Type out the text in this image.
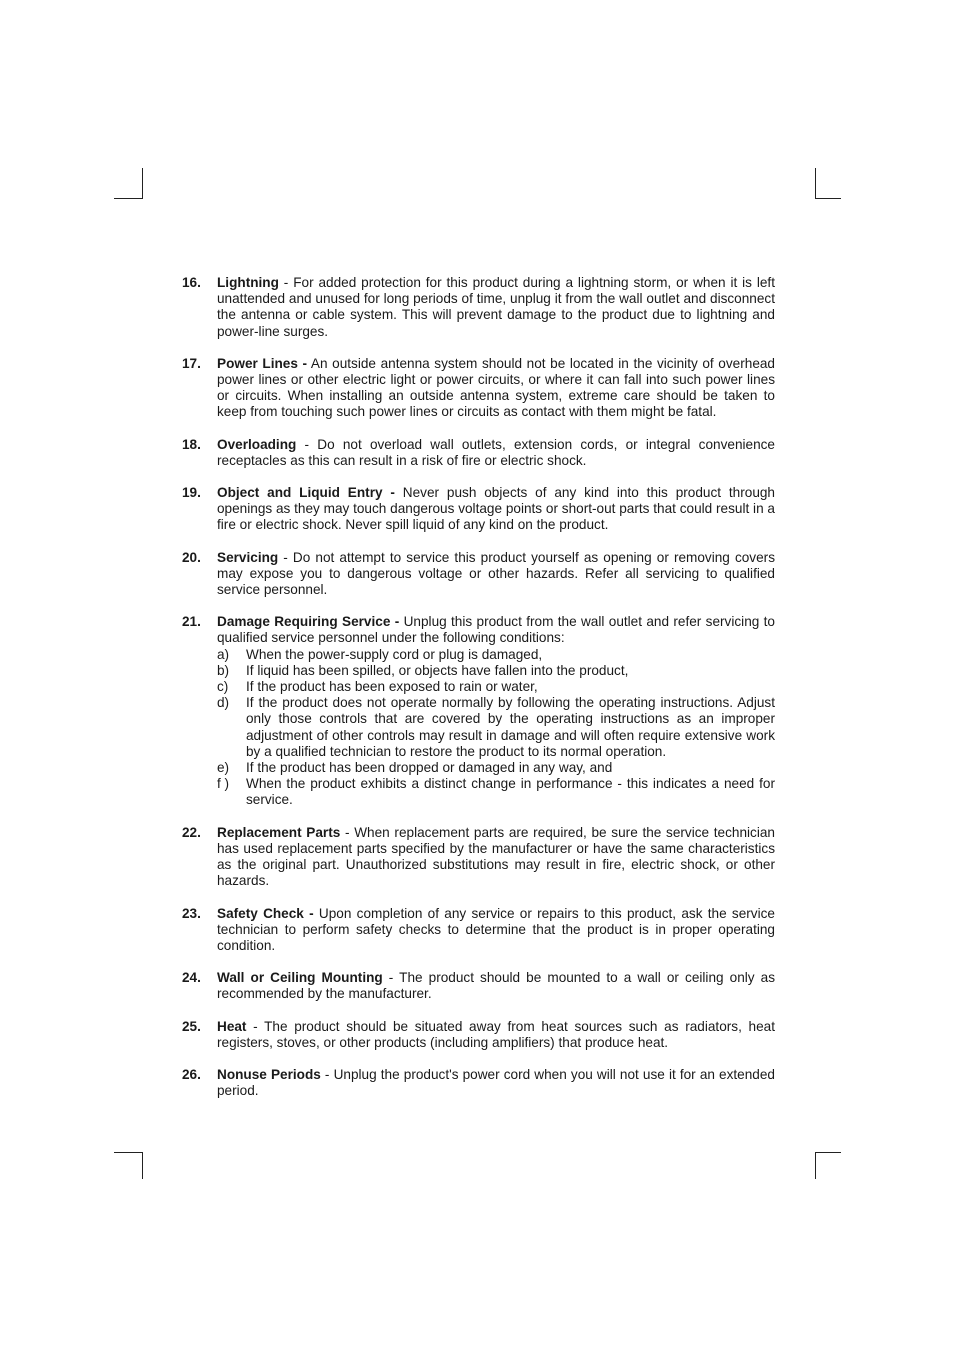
16.	Lightning - For added protection for this product during a lightning storm, or when it is left unattended and unused for long periods of time, unplug it from the wall outlet and disconnect the antenna or cable system. This will prevent damage to the product due to lightning and power-line surges.
17.	Power Lines - An outside antenna system should not be located in the vicinity of overhead power lines or other electric light or power circuits, or where it can fall into such power lines or circuits. When installing an outside antenna system, extreme care should be taken to keep from touching such power lines or circuits as contact with them might be fatal.
18.	Overloading - Do not overload wall outlets, extension cords, or integral convenience receptacles as this can result in a risk of fire or electric shock.
19.	Object and Liquid Entry - Never push objects of any kind into this product through openings as they may touch dangerous voltage points or short-out parts that could result in a fire or electric shock. Never spill liquid of any kind on the product.
20.	Servicing - Do not attempt to service this product yourself as opening or removing covers may expose you to dangerous voltage or other hazards. Refer all servicing to qualified service personnel.
21.	Damage Requiring Service - Unplug this product from the wall outlet and refer servicing to qualified service personnel under the following conditions:
a)	When the power-supply cord or plug is damaged,
b)	If liquid has been spilled, or objects have fallen into the product,
c)	If the product has been exposed to rain or water,
d)	If the product does not operate normally by following the operating instructions. Adjust only those controls that are covered by the operating instructions as an improper adjustment of other controls may result in damage and will often require extensive work by a qualified technician to restore the product to its normal operation.
e)	If the product has been dropped or damaged in any way, and
f )	When the product exhibits a distinct change in performance - this indicates a need for service.
22.	Replacement Parts - When replacement parts are required, be sure the service technician has used replacement parts specified by the manufacturer or have the same characteristics as the original part. Unauthorized substitutions may result in fire, electric shock, or other hazards.
23.	Safety Check - Upon completion of any service or repairs to this product, ask the service technician to perform safety checks to determine that the product is in proper operating condition.
24.	Wall or Ceiling Mounting - The product should be mounted to a wall or ceiling only as recommended by the manufacturer.
25.	Heat - The product should be situated away from heat sources such as radiators, heat registers, stoves, or other products (including amplifiers) that produce heat.
26.	Nonuse Periods - Unplug the product's power cord when you will not use it for an extended period.
